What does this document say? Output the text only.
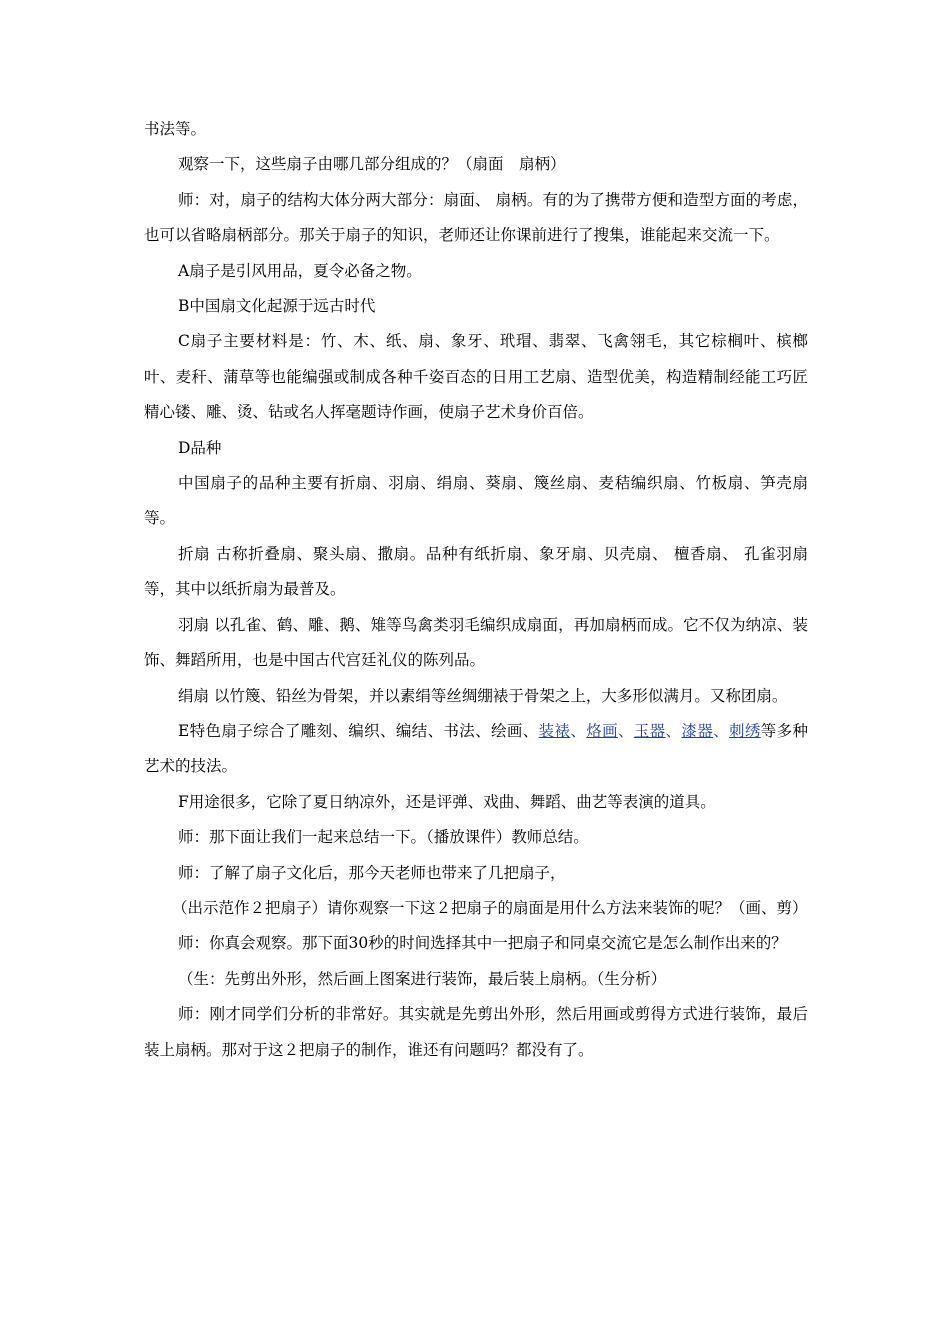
书法等。

观察一下，这些扇子由哪几部分组成的？（扇面　扇柄）

师：对，扇子的结构大体分两大部分：扇面、 扇柄。有的为了携带方便和造型方面的考虑，也可以省略扇柄部分。那关于扇子的知识，老师还让你课前进行了搜集，谁能起来交流一下。

A扇子是引风用品，夏令必备之物。

B中国扇文化起源于远古时代

C扇子主要材料是：竹、木、纸、扇、象牙、玳瑁、翡翠、飞禽翎毛，其它棕榈叶、槟榔叶、麦秆、蒲草等也能编强或制成各种千姿百态的日用工艺扇、造型优美，构造精制经能工巧匠精心镂、雕、烫、钻或名人挥毫题诗作画，使扇子艺术身价百倍。

D品种

中国扇子的品种主要有折扇、羽扇、绢扇、葵扇、篾丝扇、麦秸编织扇、竹板扇、笋壳扇等。

折扇 古称折叠扇、聚头扇、撒扇。品种有纸折扇、象牙扇、贝壳扇、 檀香扇、 孔雀羽扇等，其中以纸折扇为最普及。

羽扇 以孔雀、鹤、雕、鹅、雉等鸟禽类羽毛编织成扇面，再加扇柄而成。它不仅为纳凉、装饰、舞蹈所用，也是中国古代宫廷礼仪的陈列品。

绢扇 以竹篾、铅丝为骨架，并以素绢等丝绸绷裱于骨架之上，大多形似满月。又称团扇。

E特色扇子综合了雕刻、编织、编结、书法、绘画、装裱、烙画、玉器、漆器、刺绣等多种艺术的技法。

F用途很多，它除了夏日纳凉外，还是评弹、戏曲、舞蹈、曲艺等表演的道具。

师：那下面让我们一起来总结一下。（播放课件）教师总结。

师：了解了扇子文化后，那今天老师也带来了几把扇子，

（出示范作２把扇子）请你观察一下这２把扇子的扇面是用什么方法来装饰的呢？（画、剪）

师：你真会观察。那下面30秒的时间选择其中一把扇子和同桌交流它是怎么制作出来的？

（生：先剪出外形，然后画上图案进行装饰，最后装上扇柄。（生分析）

师：刚才同学们分析的非常好。其实就是先剪出外形，然后用画或剪得方式进行装饰，最后装上扇柄。那对于这２把扇子的制作，谁还有问题吗？都没有了。
